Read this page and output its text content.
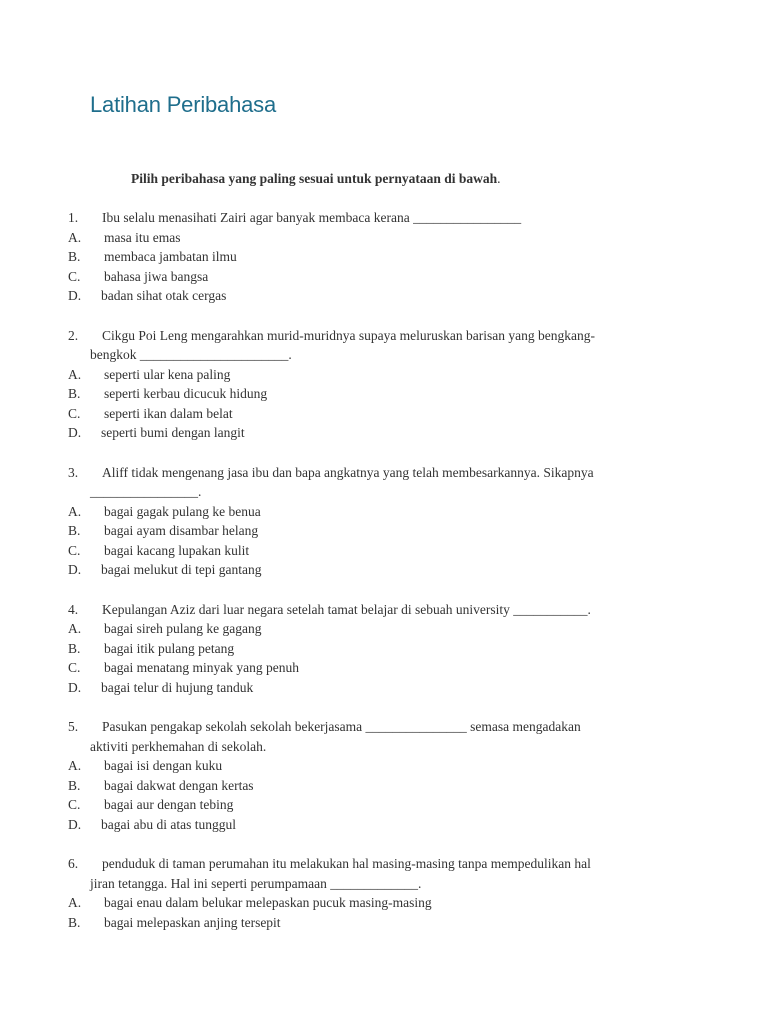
Latihan Peribahasa
Pilih peribahasa yang paling sesuai untuk pernyataan di bawah.
1. Ibu selalu menasihati Zairi agar banyak membaca kerana ________________
A. masa itu emas
B. membaca jambatan ilmu
C. bahasa jiwa bangsa
D. badan sihat otak cergas
2. Cikgu Poi Leng mengarahkan murid-muridnya supaya meluruskan barisan yang bengkang-
bengkok ______________________.
A. seperti ular kena paling
B. seperti kerbau dicucuk hidung
C. seperti ikan dalam belat
D. seperti bumi dengan langit
3. Aliff tidak mengenang jasa ibu dan bapa angkatnya yang telah membesarkannya. Sikapnya
________________.
A. bagai gagak pulang ke benua
B. bagai ayam disambar helang
C. bagai kacang lupakan kulit
D. bagai melukut di tepi gantang
4. Kepulangan Aziz dari luar negara setelah tamat belajar di sebuah university ___________.
A. bagai sireh pulang ke gagang
B. bagai itik pulang petang
C. bagai menatang minyak yang penuh
D. bagai telur di hujung tanduk
5. Pasukan pengakap sekolah sekolah bekerjasama _______________ semasa mengadakan
aktiviti perkhemahan di sekolah.
A. bagai isi dengan kuku
B. bagai dakwat dengan kertas
C. bagai aur dengan tebing
D. bagai abu di atas tunggul
6. penduduk di taman perumahan itu melakukan hal masing-masing tanpa mempedulikan hal
jiran tetangga. Hal ini seperti perumpamaan _____________.
A. bagai enau dalam belukar melepaskan pucuk masing-masing
B. bagai melepaskan anjing tersepit
